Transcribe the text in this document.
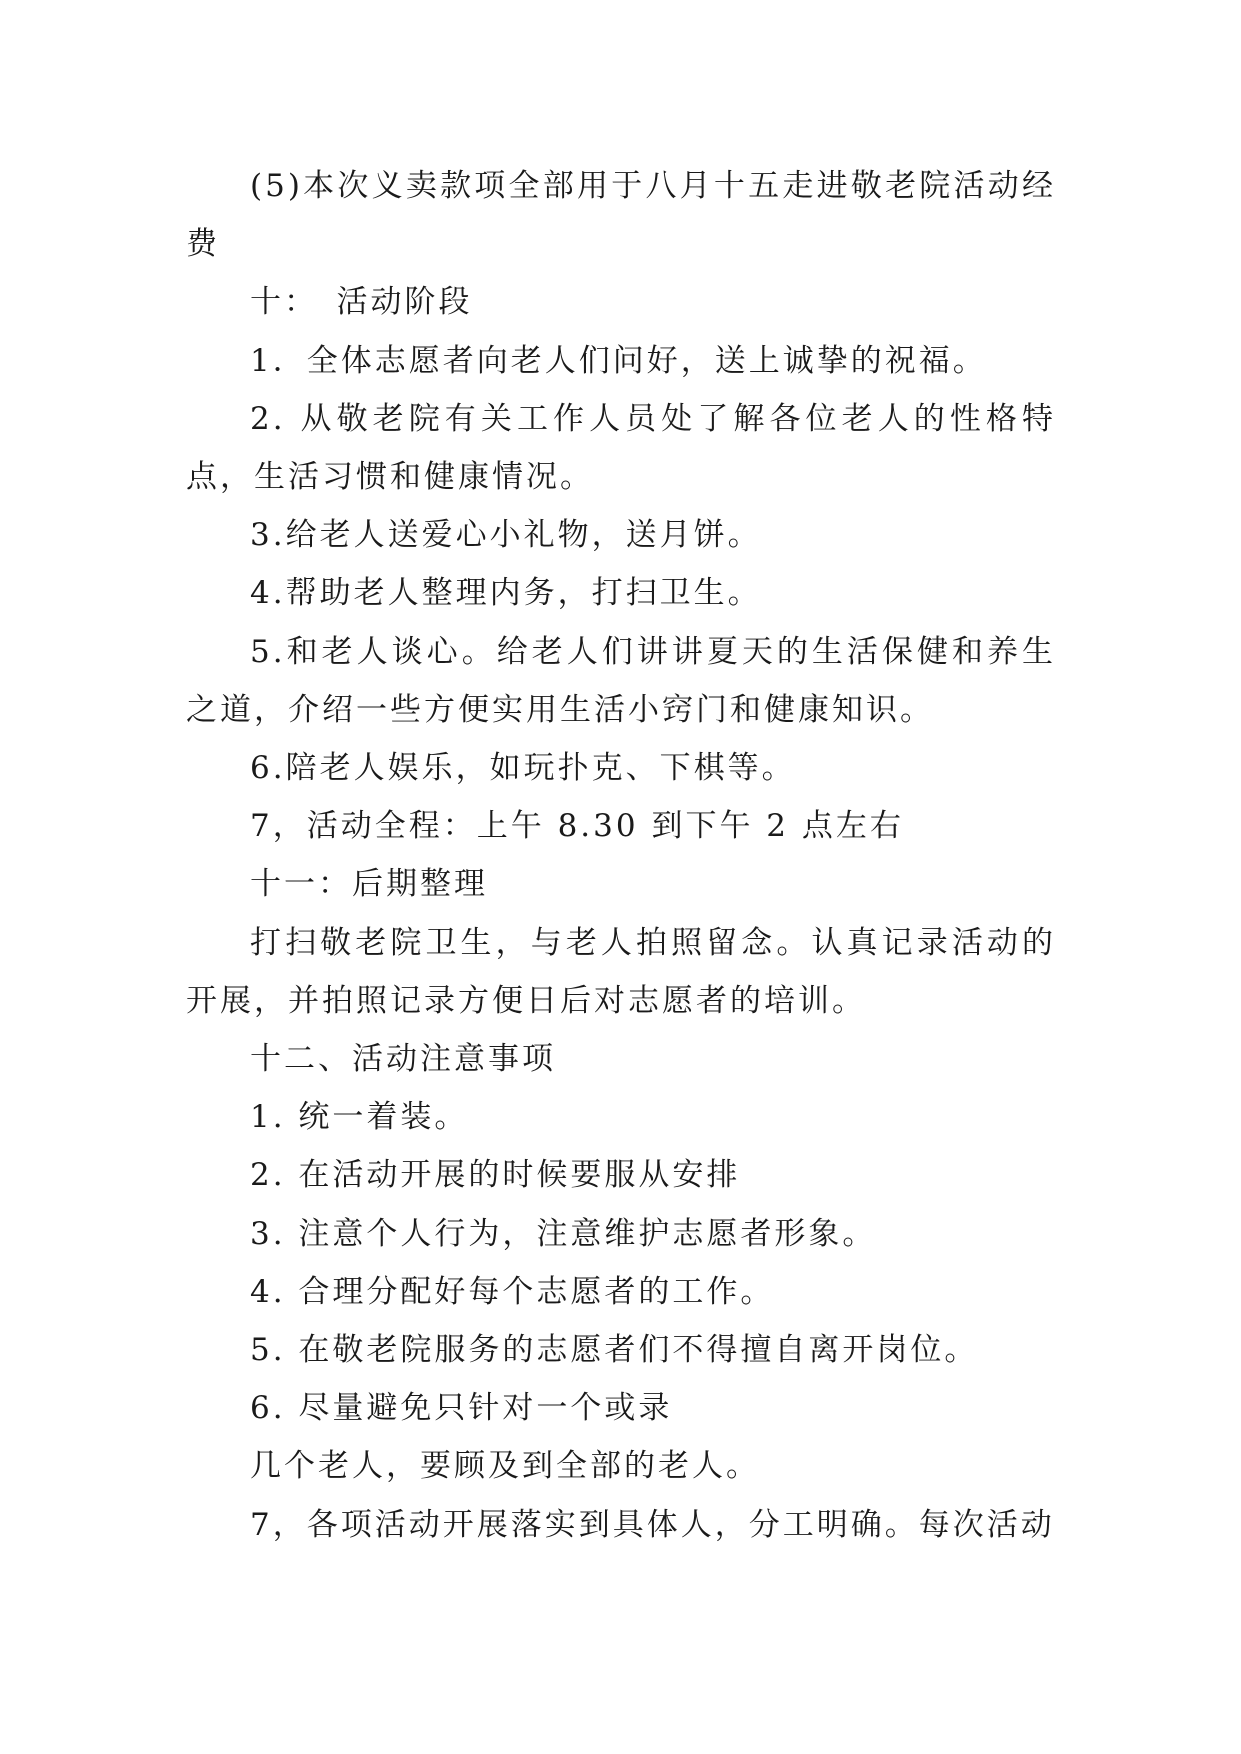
(5)本次义卖款项全部用于八月十五走进敬老院活动经费

十：　活动阶段

1．全体志愿者向老人们问好，送上诚挚的祝福。

2. 从敬老院有关工作人员处了解各位老人的性格特点，生活习惯和健康情况。

3.给老人送爱心小礼物，送月饼。

4.帮助老人整理内务，打扫卫生。

5.和老人谈心。给老人们讲讲夏天的生活保健和养生之道，介绍一些方便实用生活小窍门和健康知识。

6.陪老人娱乐，如玩扑克、下棋等。

7，活动全程：上午 8.30 到下午 2 点左右

十一：后期整理

打扫敬老院卫生，与老人拍照留念。认真记录活动的开展，并拍照记录方便日后对志愿者的培训。

十二、活动注意事项

1. 统一着装。

2. 在活动开展的时候要服从安排

3. 注意个人行为，注意维护志愿者形象。

4. 合理分配好每个志愿者的工作。

5. 在敬老院服务的志愿者们不得擅自离开岗位。

6. 尽量避免只针对一个或录

几个老人，要顾及到全部的老人。

7，各项活动开展落实到具体人，分工明确。每次活动
